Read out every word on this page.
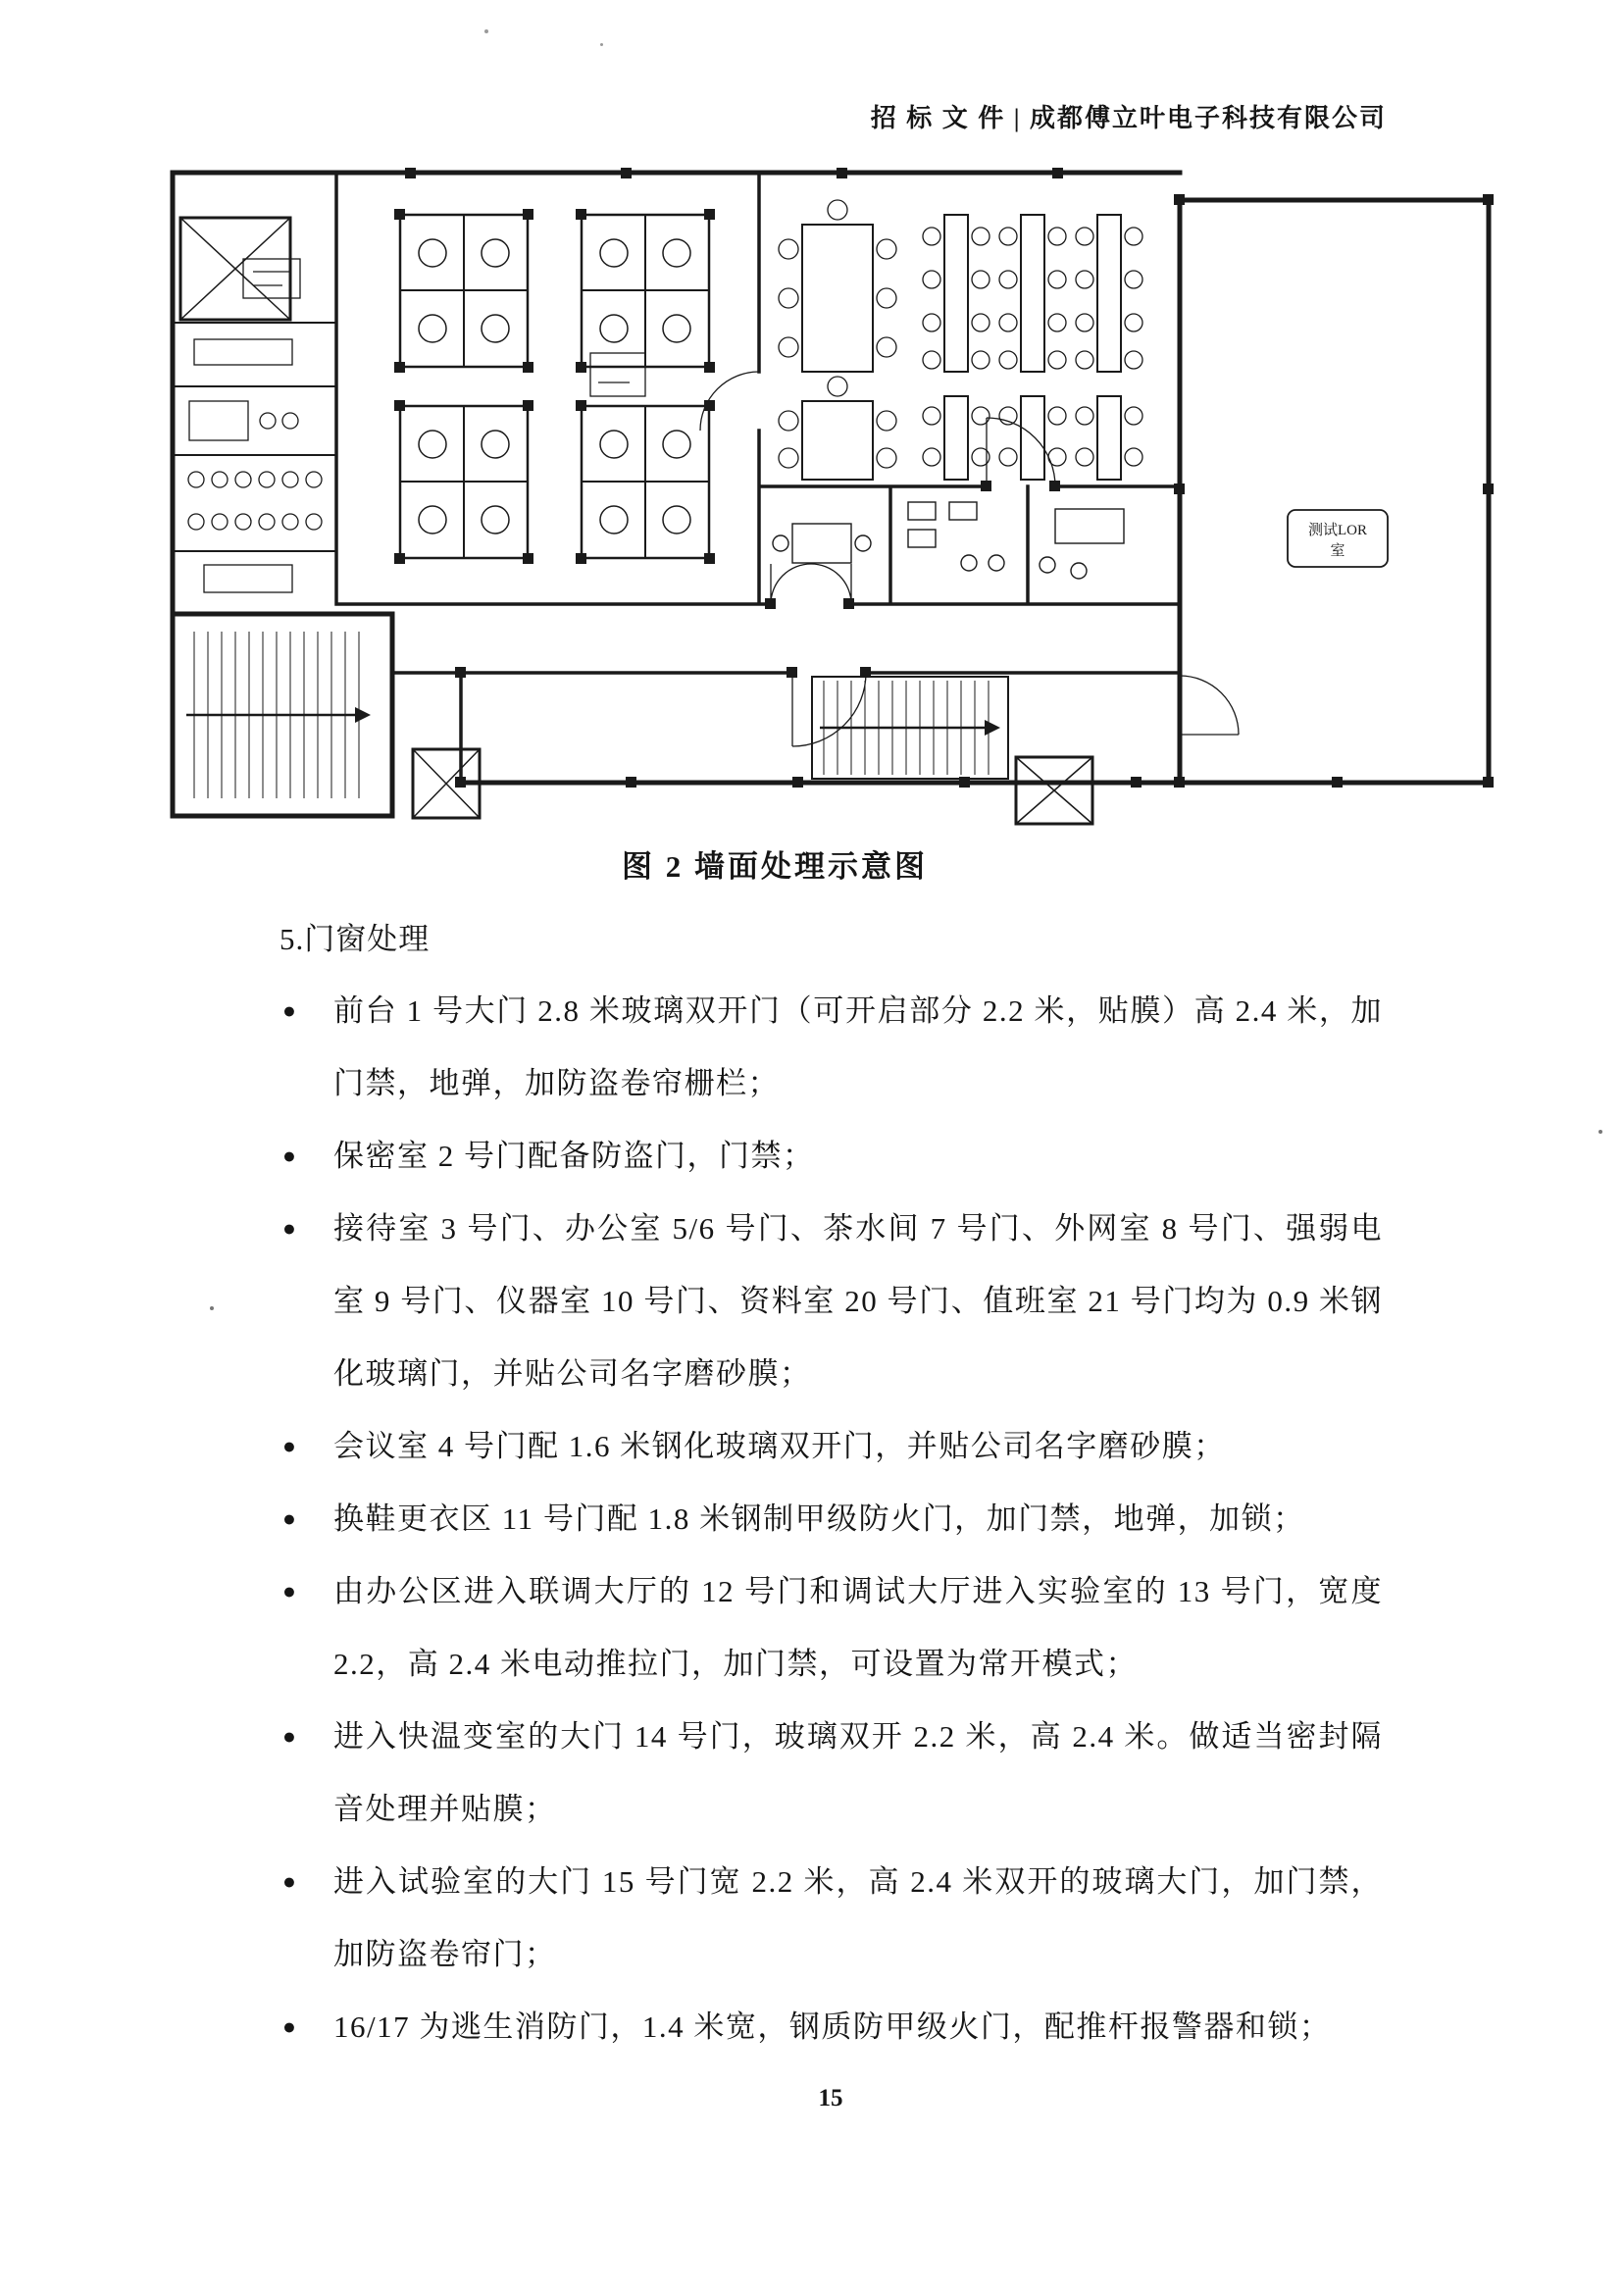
招 标 文 件 | 成都傅立叶电子科技有限公司
测试LOR
室
图 2 墙面处理示意图
5.门窗处理
●	前台 1 号大门 2.8 米玻璃双开门（可开启部分 2.2 米，贴膜）高 2.4 米，加门禁，地弹，加防盗卷帘栅栏；
●	保密室 2 号门配备防盗门，门禁；
●	接待室 3 号门、办公室 5/6 号门、茶水间 7 号门、外网室 8 号门、强弱电室 9 号门、仪器室 10 号门、资料室 20 号门、值班室 21 号门均为 0.9 米钢化玻璃门，并贴公司名字磨砂膜；
●	会议室 4 号门配 1.6 米钢化玻璃双开门，并贴公司名字磨砂膜；
●	换鞋更衣区 11 号门配 1.8 米钢制甲级防火门，加门禁，地弹，加锁；
●	由办公区进入联调大厅的 12 号门和调试大厅进入实验室的 13 号门，宽度 2.2，高 2.4 米电动推拉门，加门禁，可设置为常开模式；
●	进入快温变室的大门 14 号门，玻璃双开 2.2 米，高 2.4 米。做适当密封隔音处理并贴膜；
●	进入试验室的大门 15 号门宽 2.2 米，高 2.4 米双开的玻璃大门，加门禁，加防盗卷帘门；
●	16/17 为逃生消防门，1.4 米宽，钢质防甲级火门，配推杆报警器和锁；
15
